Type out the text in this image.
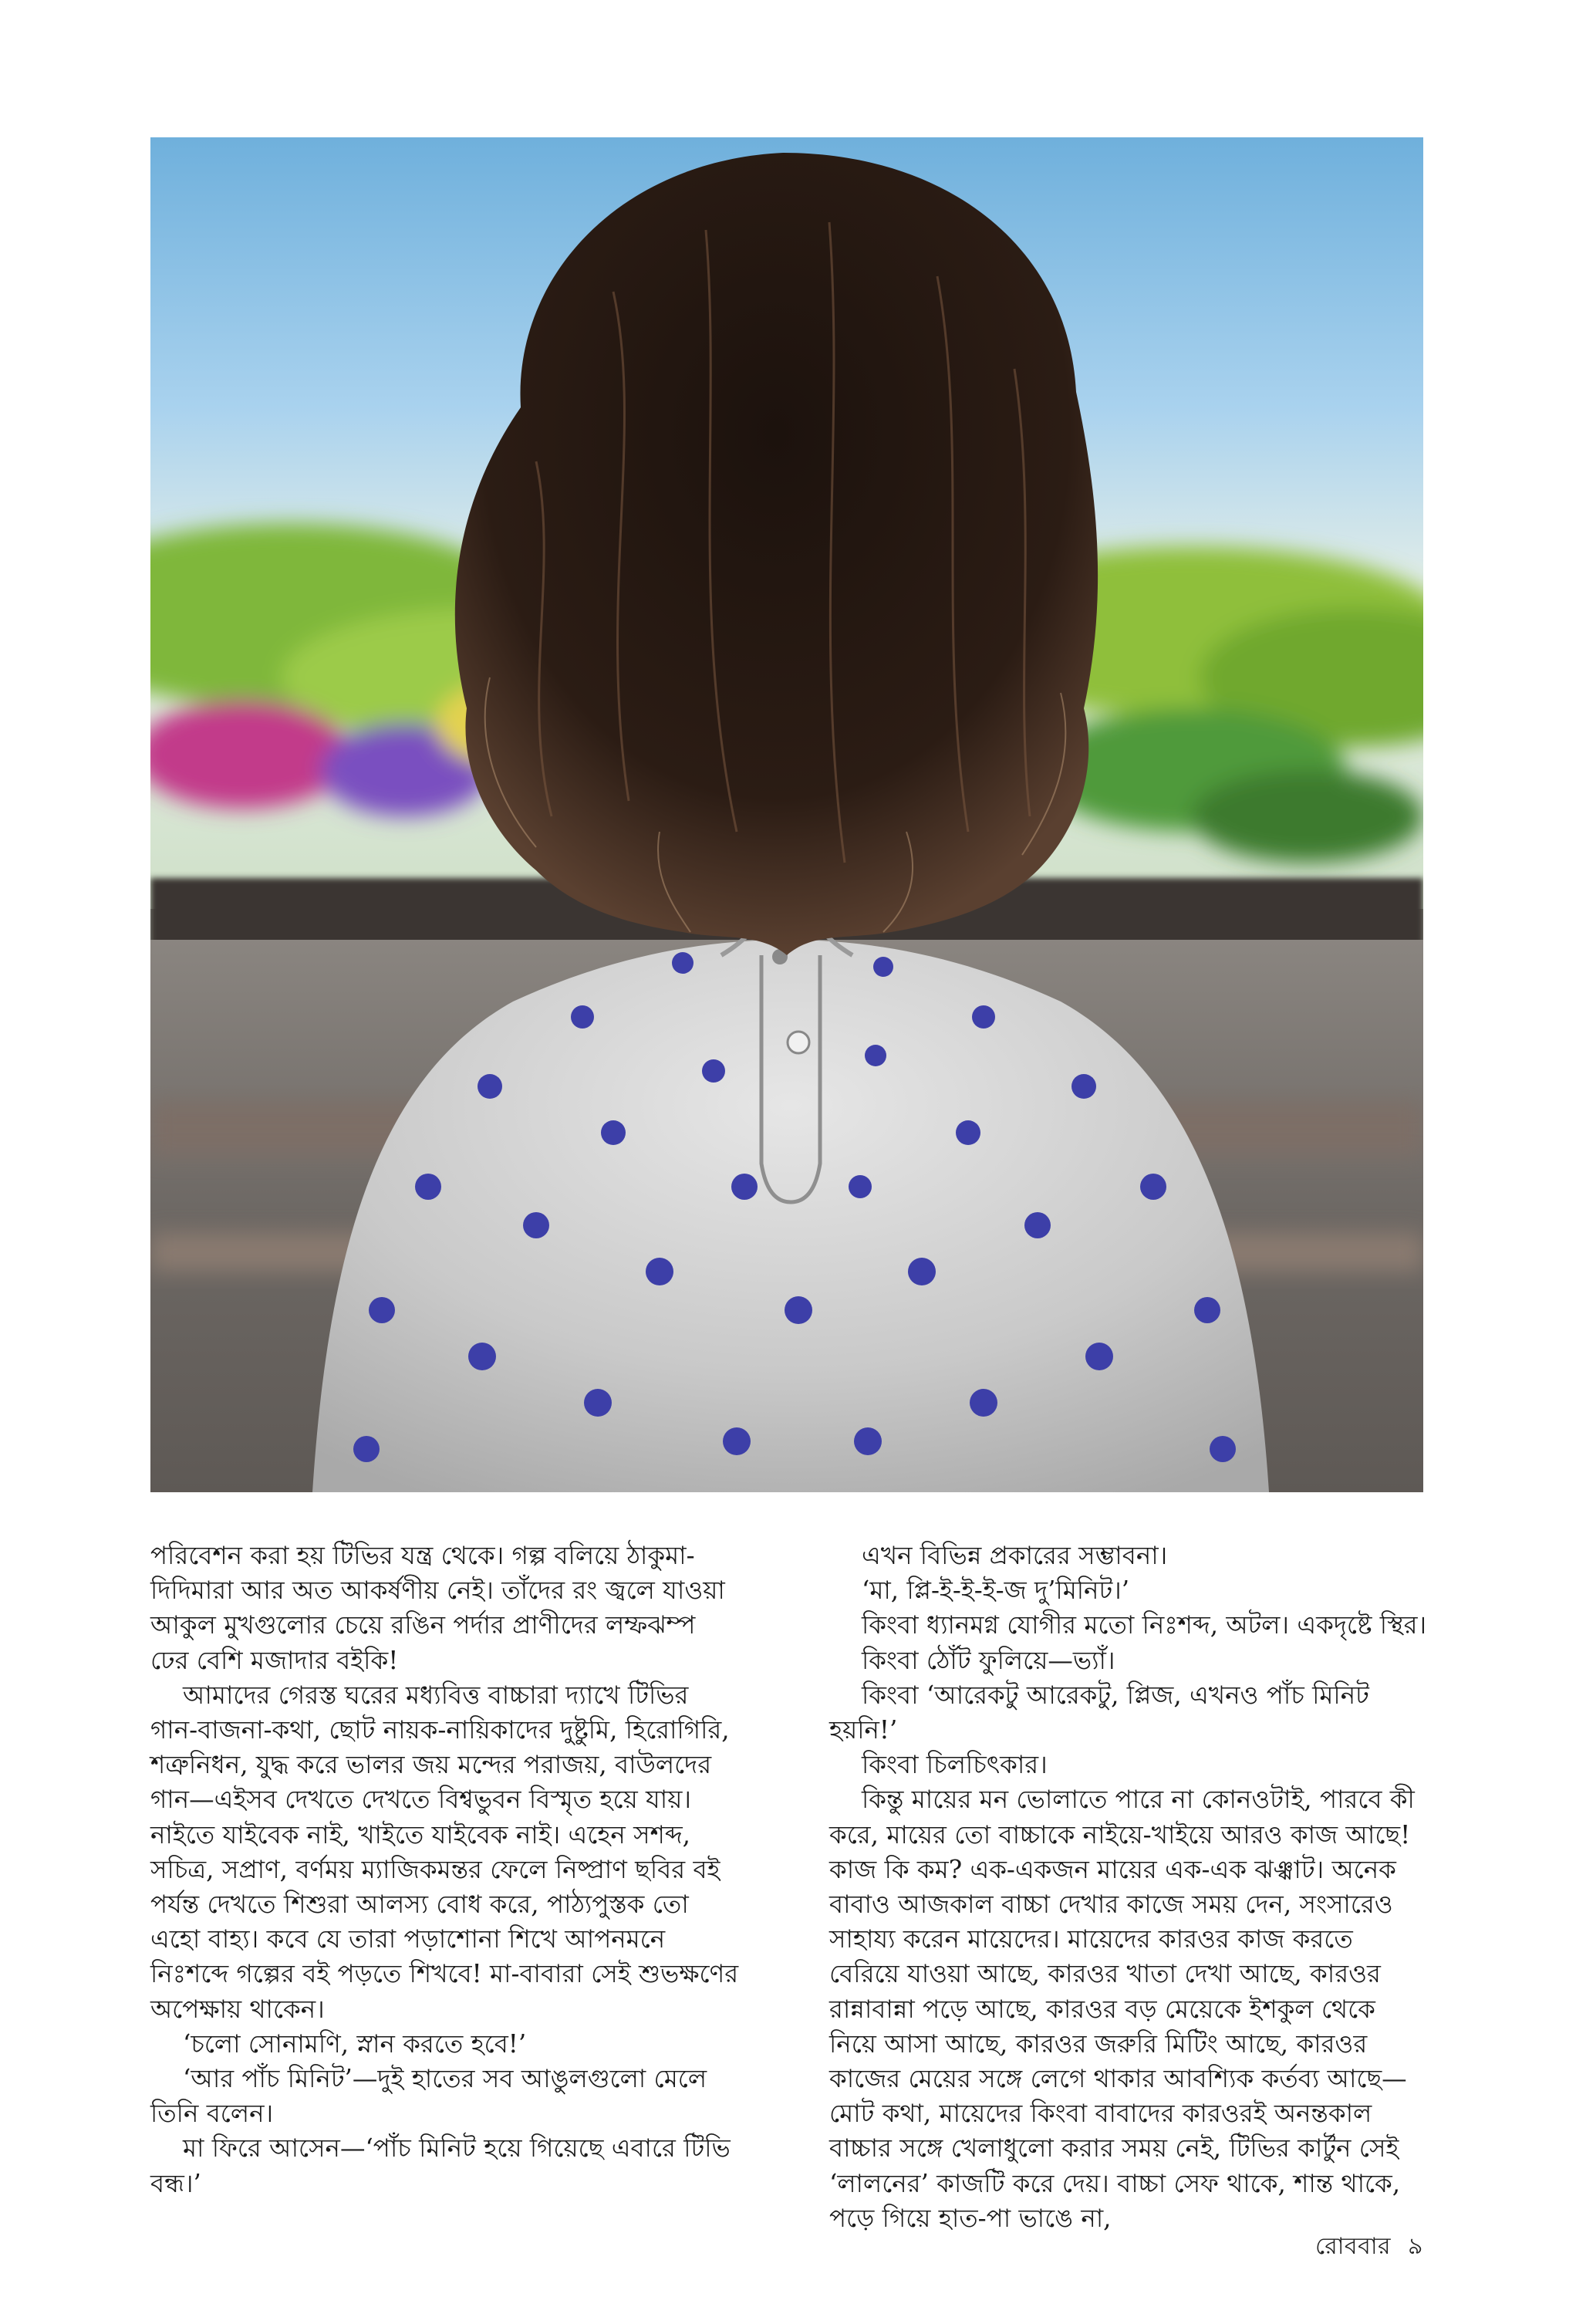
পরিবেশন করা হয় টিভির যন্ত্র থেকে। গল্প বলিয়ে ঠাকুমা-দিদিমারা আর অত আকর্ষণীয় নেই। তাঁদের রং জ্বলে যাওয়া আকুল মুখগুলোর চেয়ে রঙিন পর্দার প্রাণীদের লম্ফঝম্প ঢের বেশি মজাদার বইকি!

আমাদের গেরস্ত ঘরের মধ্যবিত্ত বাচ্চারা দ্যাখে টিভির গান-বাজনা-কথা, ছোট নায়ক-নায়িকাদের দুষ্টুমি, হিরোগিরি, শত্রুনিধন, যুদ্ধ করে ভালর জয় মন্দের পরাজয়, বাউলদের গান—এইসব দেখতে দেখতে বিশ্বভুবন বিস্মৃত হয়ে যায়। নাইতে যাইবেক নাই, খাইতে যাইবেক নাই। এহেন সশব্দ, সচিত্র, সপ্রাণ, বর্ণময় ম্যাজিকমন্তর ফেলে নিষ্প্রাণ ছবির বই পর্যন্ত দেখতে শিশুরা আলস্য বোধ করে, পাঠ্যপুস্তক তো এহো বাহ্য। কবে যে তারা পড়াশোনা শিখে আপনমনে নিঃশব্দে গল্পের বই পড়তে শিখবে! মা-বাবারা সেই শুভক্ষণের অপেক্ষায় থাকেন।

‘চলো সোনামণি, স্নান করতে হবে!’

‘আর পাঁচ মিনিট’—দুই হাতের সব আঙুলগুলো মেলে তিনি বলেন।

মা ফিরে আসেন—‘পাঁচ মিনিট হয়ে গিয়েছে এবারে টিভি বন্ধ।’

এখন বিভিন্ন প্রকারের সম্ভাবনা।

‘মা, প্লি-ই-ই-ই-জ দু’মিনিট।’

কিংবা ধ্যানমগ্ন যোগীর মতো নিঃশব্দ, অটল। একদৃষ্টে স্থির।

কিংবা ঠোঁট ফুলিয়ে—ভ্যাঁ।

কিংবা ‘আরেকটু আরেকটু, প্লিজ, এখনও পাঁচ মিনিট হয়নি!’

কিংবা চিলচিৎকার।

কিন্তু মায়ের মন ভোলাতে পারে না কোনওটাই, পারবে কী করে, মায়ের তো বাচ্চাকে নাইয়ে-খাইয়ে আরও কাজ আছে! কাজ কি কম? এক-একজন মায়ের এক-এক ঝঞ্ঝাট। অনেক বাবাও আজকাল বাচ্চা দেখার কাজে সময় দেন, সংসারেও সাহায্য করেন মায়েদের। মায়েদের কারওর কাজ করতে বেরিয়ে যাওয়া আছে, কারওর খাতা দেখা আছে, কারওর রান্নাবান্না পড়ে আছে, কারওর বড় মেয়েকে ইশকুল থেকে নিয়ে আসা আছে, কারওর জরুরি মিটিং আছে, কারওর কাজের মেয়ের সঙ্গে লেগে থাকার আবশ্যিক কর্তব্য আছে—মোট কথা, মায়েদের কিংবা বাবাদের কারওরই অনন্তকাল বাচ্চার সঙ্গে খেলাধুলো করার সময় নেই, টিভির কার্টুন সেই ‘লালনের’ কাজটি করে দেয়। বাচ্চা সেফ থাকে, শান্ত থাকে, পড়ে গিয়ে হাত-পা ভাঙে না,

রোববার ৯
